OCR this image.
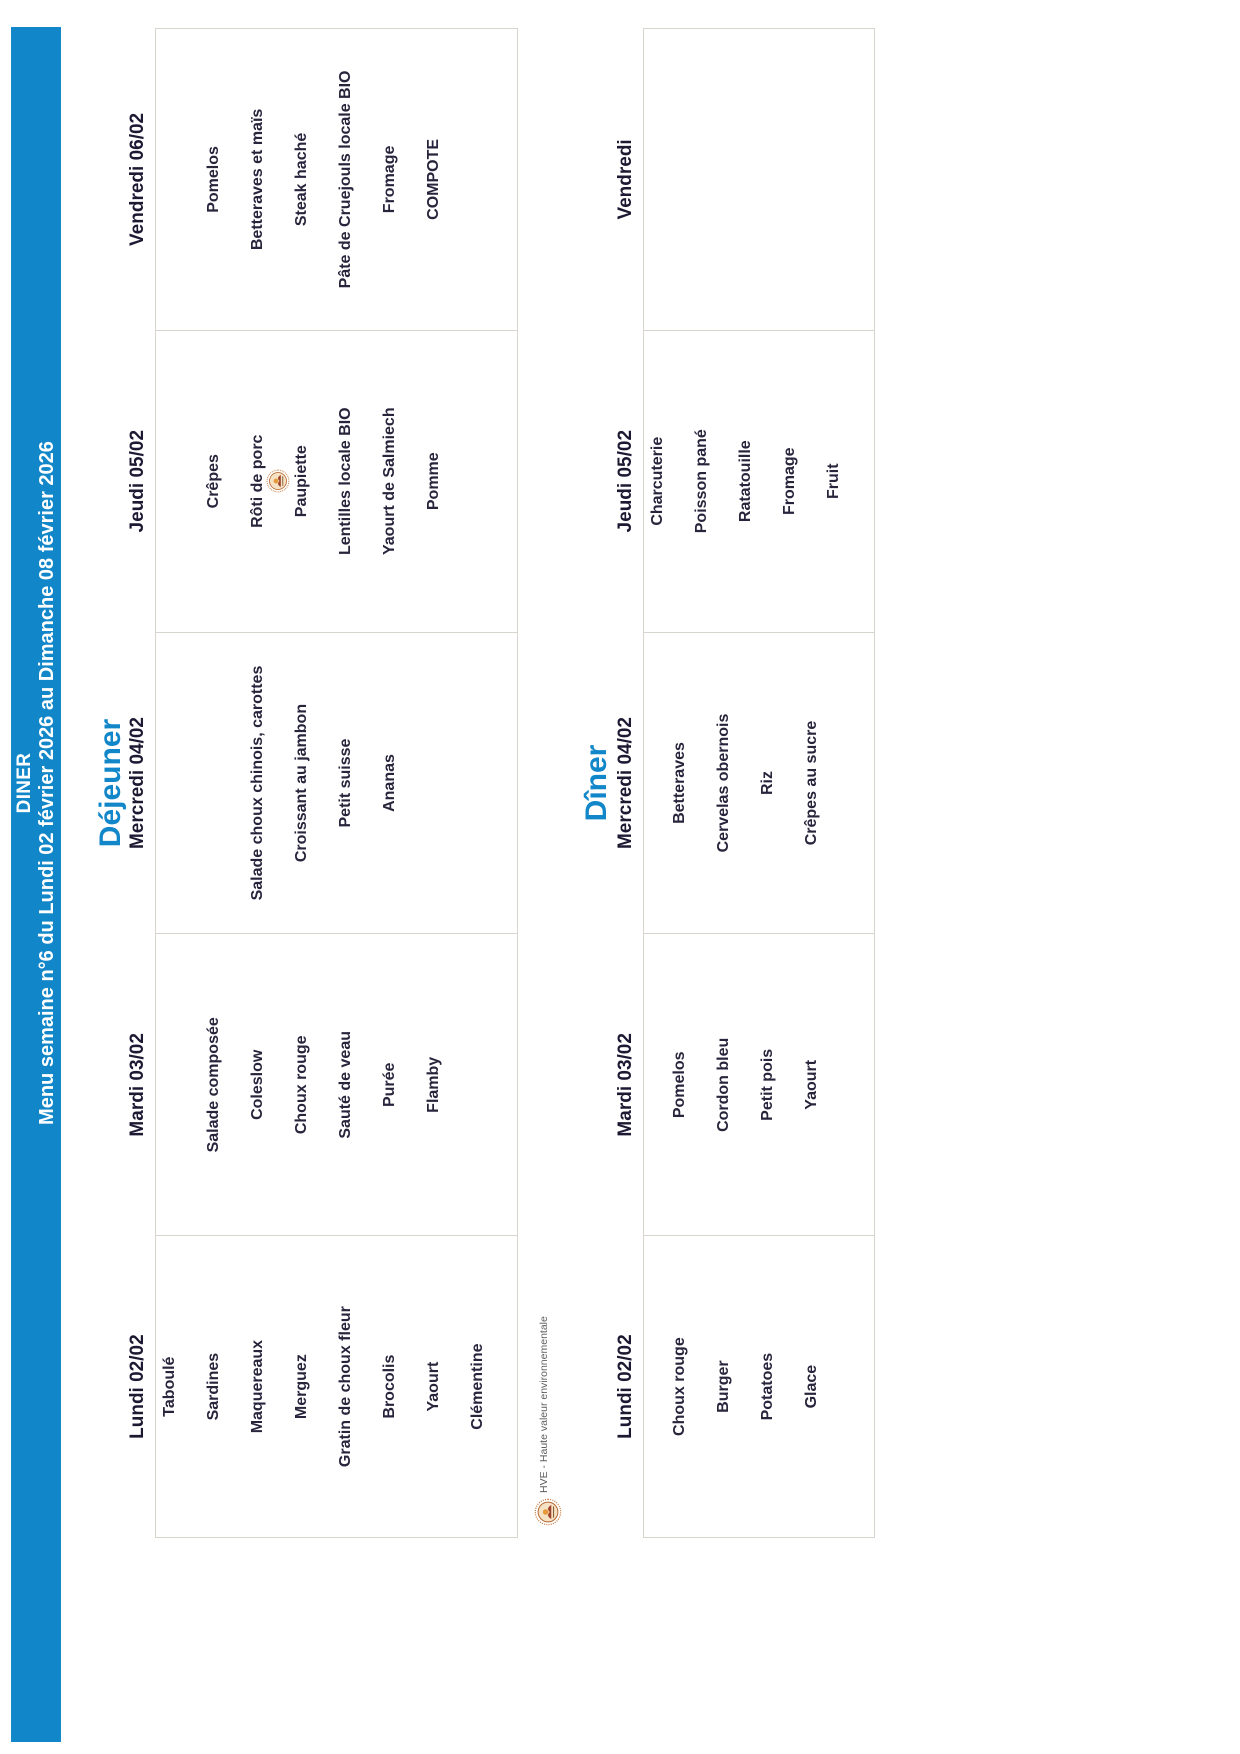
DINER Menu semaine n°6 du Lundi 02 février 2026 au Dimanche 08 février 2026 Déjeuner
Lundi 02/02 Taboulé	Sardines	Maquereaux	Merguez	Gratin de choux fleur	Brocolis	Yaourt	Clémentine
Mardi 03/02	Salade composée	Coleslow	Choux rouge	Sauté de veau	Purée	Flamby
Mercredi 04/02	Salade choux chinois, carottes	Croissant au jambon	Petit suisse	Ananas
Jeudi 05/02	Crêpes	Rôti de porc	Paupiette	Lentilles locale BIO	Yaourt de Salmiech	Pomme
Vendredi 06/02	Pomelos	Betteraves et maïs	Steak haché	Pâte de Cruejouls locale BIO	Fromage	COMPOTE
HVE - Haute valeur environnementale
Dîner
Lundi 02/02	Choux rouge	Burger	Potatoes	Glace
Mardi 03/02	Pomelos	Cordon bleu	Petit pois	Yaourt
Mercredi 04/02	Betteraves	Cervelas obernois	Riz	Crêpes au sucre
Jeudi 05/02 Charcuterie	Poisson pané	Ratatouille	Fromage	Fruit
Vendredi
